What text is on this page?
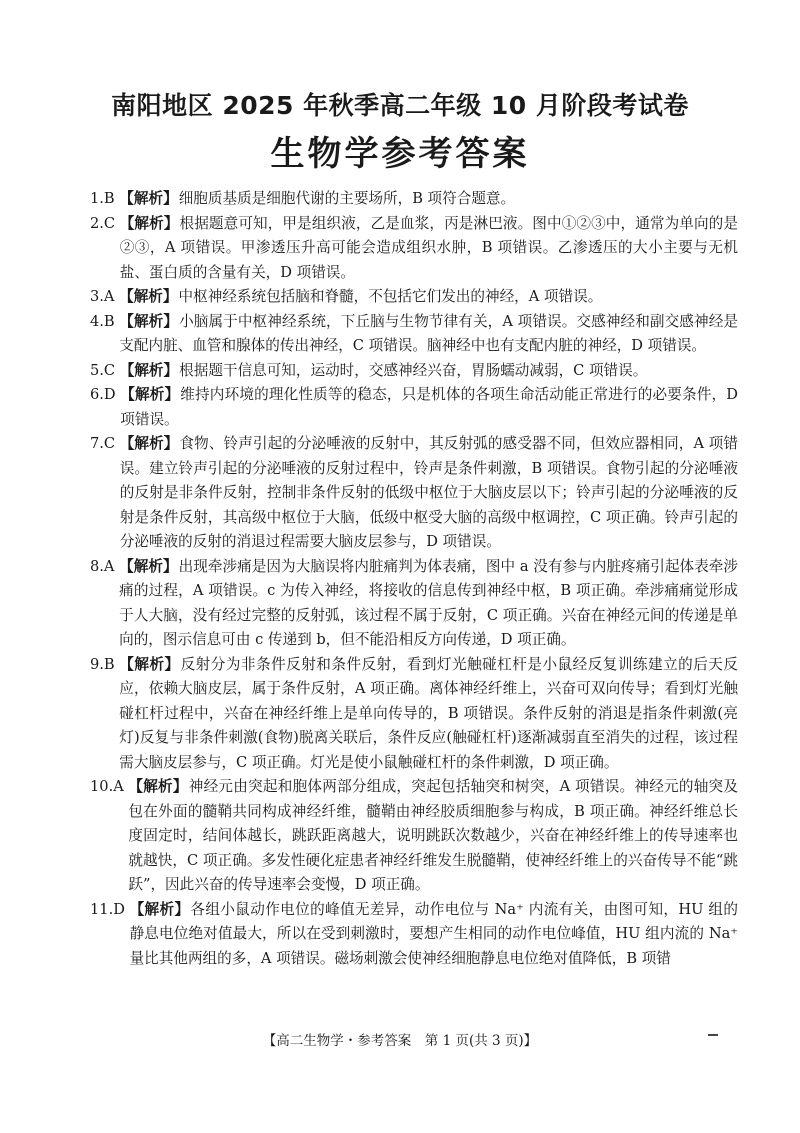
南阳地区 2025 年秋季高二年级 10 月阶段考试卷
生物学参考答案
1.B 【解析】细胞质基质是细胞代谢的主要场所，B 项符合题意。
2.C 【解析】根据题意可知，甲是组织液，乙是血浆，丙是淋巴液。图中①②③中，通常为单向的是②③，A 项错误。甲渗透压升高可能会造成组织水肿，B 项错误。乙渗透压的大小主要与无机盐、蛋白质的含量有关，D 项错误。
3.A 【解析】中枢神经系统包括脑和脊髓，不包括它们发出的神经，A 项错误。
4.B 【解析】小脑属于中枢神经系统，下丘脑与生物节律有关，A 项错误。交感神经和副交感神经是支配内脏、血管和腺体的传出神经，C 项错误。脑神经中也有支配内脏的神经，D 项错误。
5.C 【解析】根据题干信息可知，运动时，交感神经兴奋，胃肠蠕动减弱，C 项错误。
6.D 【解析】维持内环境的理化性质等的稳态，只是机体的各项生命活动能正常进行的必要条件，D 项错误。
7.C 【解析】食物、铃声引起的分泌唾液的反射中，其反射弧的感受器不同，但效应器相同，A 项错误。建立铃声引起的分泌唾液的反射过程中，铃声是条件刺激，B 项错误。食物引起的分泌唾液的反射是非条件反射，控制非条件反射的低级中枢位于大脑皮层以下；铃声引起的分泌唾液的反射是条件反射，其高级中枢位于大脑，低级中枢受大脑的高级中枢调控，C 项正确。铃声引起的分泌唾液的反射的消退过程需要大脑皮层参与，D 项错误。
8.A 【解析】出现牵涉痛是因为大脑误将内脏痛判为体表痛，图中 a 没有参与内脏疼痛引起体表牵涉痛的过程，A 项错误。c 为传入神经，将接收的信息传到神经中枢，B 项正确。牵涉痛痛觉形成于人大脑，没有经过完整的反射弧，该过程不属于反射，C 项正确。兴奋在神经元间的传递是单向的，图示信息可由 c 传递到 b，但不能沿相反方向传递，D 项正确。
9.B 【解析】反射分为非条件反射和条件反射，看到灯光触碰杠杆是小鼠经反复训练建立的后天反应，依赖大脑皮层，属于条件反射，A 项正确。离体神经纤维上，兴奋可双向传导；看到灯光触碰杠杆过程中，兴奋在神经纤维上是单向传导的，B 项错误。条件反射的消退是指条件刺激(亮灯)反复与非条件刺激(食物)脱离关联后，条件反应(触碰杠杆)逐渐减弱直至消失的过程，该过程需大脑皮层参与，C 项正确。灯光是使小鼠触碰杠杆的条件刺激，D 项正确。
10.A 【解析】神经元由突起和胞体两部分组成，突起包括轴突和树突，A 项错误。神经元的轴突及包在外面的髓鞘共同构成神经纤维，髓鞘由神经胶质细胞参与构成，B 项正确。神经纤维总长度固定时，结间体越长，跳跃距离越大，说明跳跃次数越少，兴奋在神经纤维上的传导速率也就越快，C 项正确。多发性硬化症患者神经纤维发生脱髓鞘，使神经纤维上的兴奋传导不能“跳跃”，因此兴奋的传导速率会变慢，D 项正确。
11.D 【解析】各组小鼠动作电位的峰值无差异，动作电位与 Na⁺ 内流有关，由图可知，HU 组的静息电位绝对值最大，所以在受到刺激时，要想产生相同的动作电位峰值，HU 组内流的 Na⁺ 量比其他两组的多，A 项错误。磁场刺激会使神经细胞静息电位绝对值降低，B 项错
【高二生物学・参考答案　第 1 页(共 3 页)】
